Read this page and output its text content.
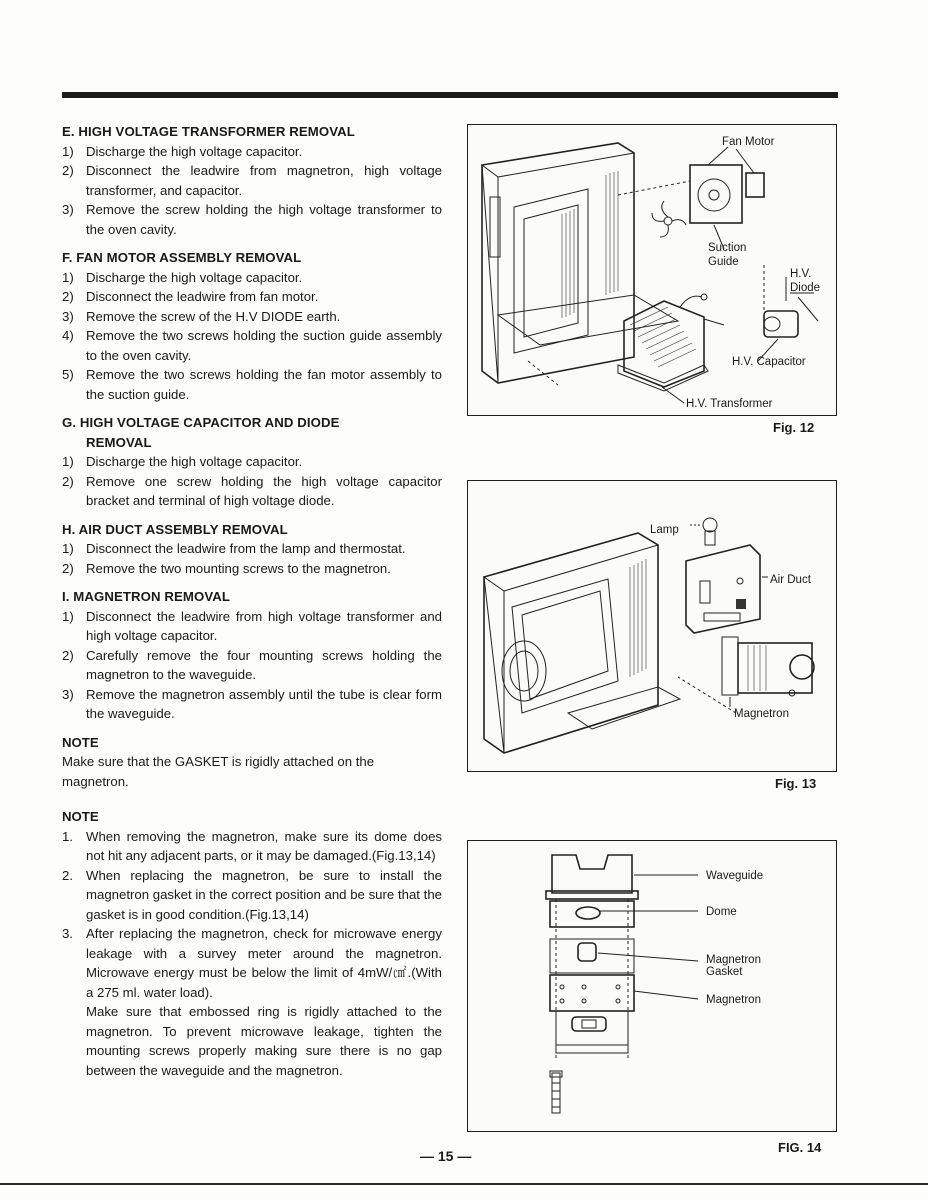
E. HIGH VOLTAGE TRANSFORMER REMOVAL

1) Discharge the high voltage capacitor.
2) Disconnect the leadwire from magnetron, high voltage transformer, and capacitor.
3) Remove the screw holding the high voltage transformer to the oven cavity.

F. FAN MOTOR ASSEMBLY REMOVAL

1) Discharge the high voltage capacitor.
2) Disconnect the leadwire from fan motor.
3) Remove the screw of the H.V DIODE earth.
4) Remove the two screws holding the suction guide assembly to the oven cavity.
5) Remove the two screws holding the fan motor assembly to the suction guide.

G. HIGH VOLTAGE CAPACITOR AND DIODE
REMOVAL

1) Discharge the high voltage capacitor.
2) Remove one screw holding the high voltage capacitor bracket and terminal of high voltage diode.

H. AIR DUCT ASSEMBLY REMOVAL

1) Disconnect the leadwire from the lamp and thermostat.
2) Remove the two mounting screws to the magnetron.

I. MAGNETRON REMOVAL

1) Disconnect the leadwire from high voltage transformer and high voltage capacitor.
2) Carefully remove the four mounting screws holding the magnetron to the waveguide.
3) Remove the magnetron assembly until the tube is clear form the waveguide.

NOTE

Make sure that the GASKET is rigidly attached on the magnetron.

NOTE

1. When removing the magnetron, make sure its dome does not hit any adjacent parts, or it may be damaged.(Fig.13,14)
2. When replacing the magnetron, be sure to install the magnetron gasket in the correct position and be sure that the gasket is in good condition.(Fig.13,14)
3. After replacing the magnetron, check for microwave energy leakage with a survey meter around the magnetron. Microwave energy must be below the limit of 4mW/㎠.(With a 275 ml. water load).
Make sure that embossed ring is rigidly attached to the magnetron. To prevent microwave leakage, tighten the mounting screws properly making sure there is no gap between the waveguide and the magnetron.
Fan Motor
Suction
Guide
H.V.
Diode
H.V. Capacitor
H.V. Transformer
Fig. 12
Lamp
Air Duct
Magnetron
Fig. 13
Waveguide
Dome
Magnetron
Gasket
Magnetron
FIG. 14
— 15 —
